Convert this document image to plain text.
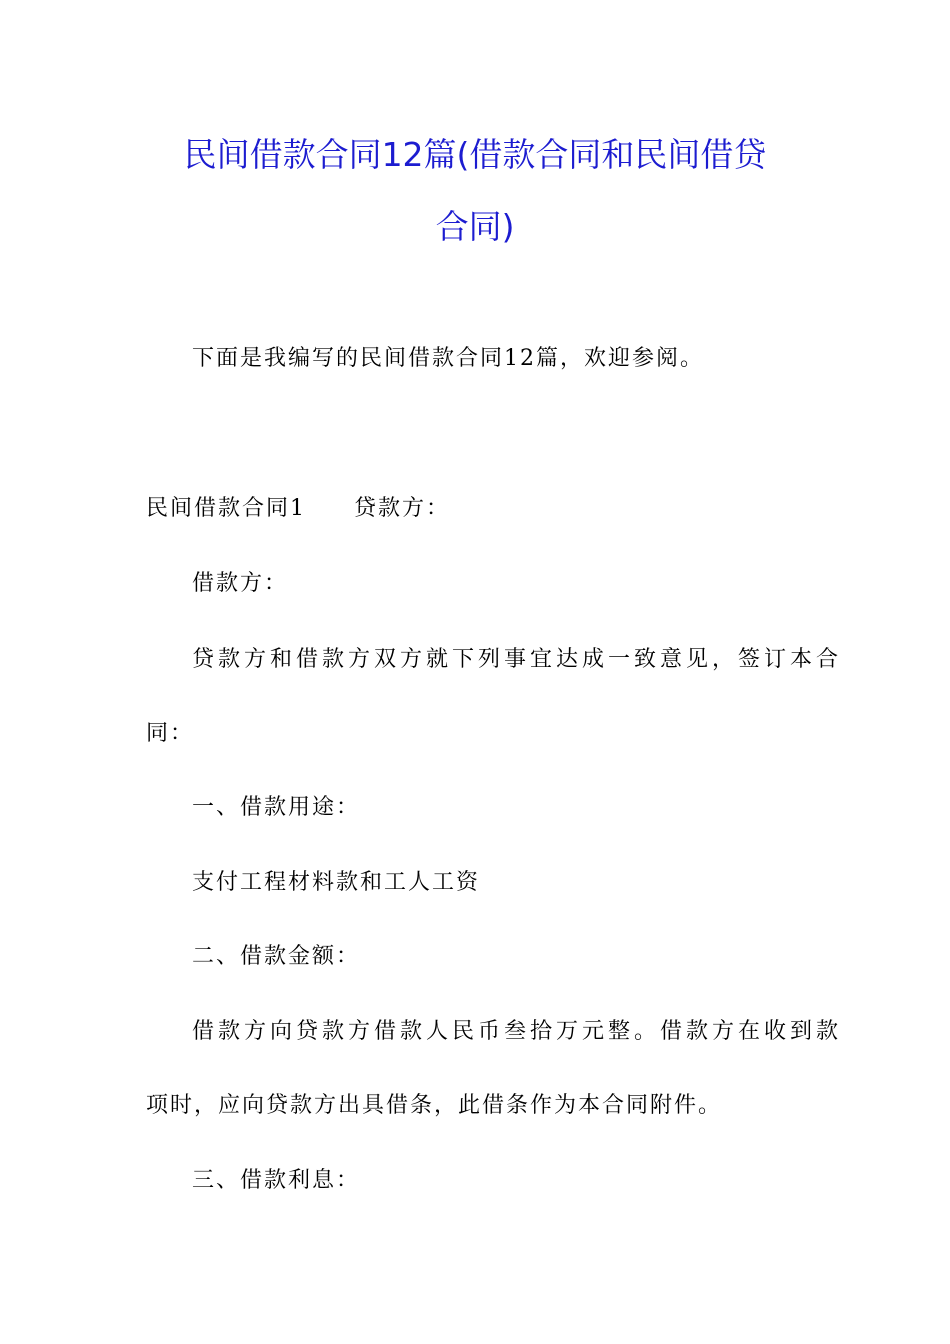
民间借款合同12篇(借款合同和民间借贷
合同)
下面是我编写的民间借款合同12篇，欢迎参阅。
民间借款合同1 贷款方：
借款方：
贷款方和借款方双方就下列事宜达成一致意见，签订本合
同：
一、借款用途：
支付工程材料款和工人工资
二、借款金额：
借款方向贷款方借款人民币叁拾万元整。借款方在收到款
项时，应向贷款方出具借条，此借条作为本合同附件。
三、借款利息：
